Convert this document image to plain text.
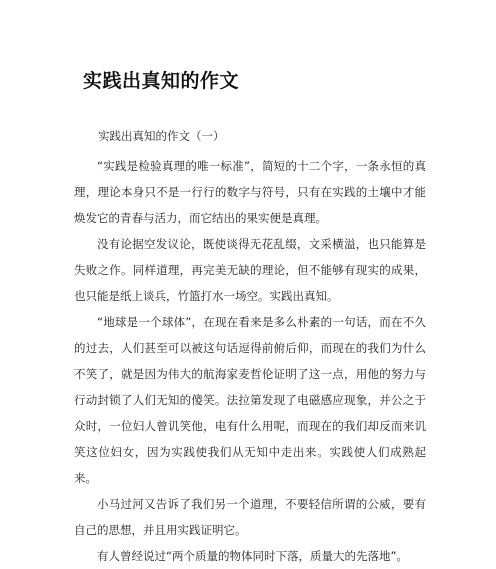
实践出真知的作文
实践出真知的作文（一）

“实践是检验真理的唯一标准”，简短的十二个字，一条永恒的真理，理论本身只不是一行行的数字与符号，只有在实践的土壤中才能焕发它的青春与活力，而它结出的果实便是真理。

没有论据空发议论，既使谈得无花乱缀，文采横溢，也只能算是失败之作。同样道理，再完美无缺的理论，但不能够有现实的成果，也只能是纸上谈兵，竹篮打水一场空。实践出真知。

“地球是一个球体”，在现在看来是多么朴素的一句话，而在不久的过去，人们甚至可以被这句话逗得前俯后仰，而现在的我们为什么不笑了，就是因为伟大的航海家麦哲伦证明了这一点，用他的努力与行动封锁了人们无知的傻笑。法拉第发现了电磁感应现象，并公之于众时，一位妇人曾讥笑他，电有什么用呢，而现在的我们却反而来讥笑这位妇女，因为实践使我们从无知中走出来。实践使人们成熟起来。

小马过河又告诉了我们另一个道理，不要轻信所谓的公威，要有自己的思想，并且用实践证明它。

有人曾经说过“两个质量的物体同时下落，质量大的先落地”。
